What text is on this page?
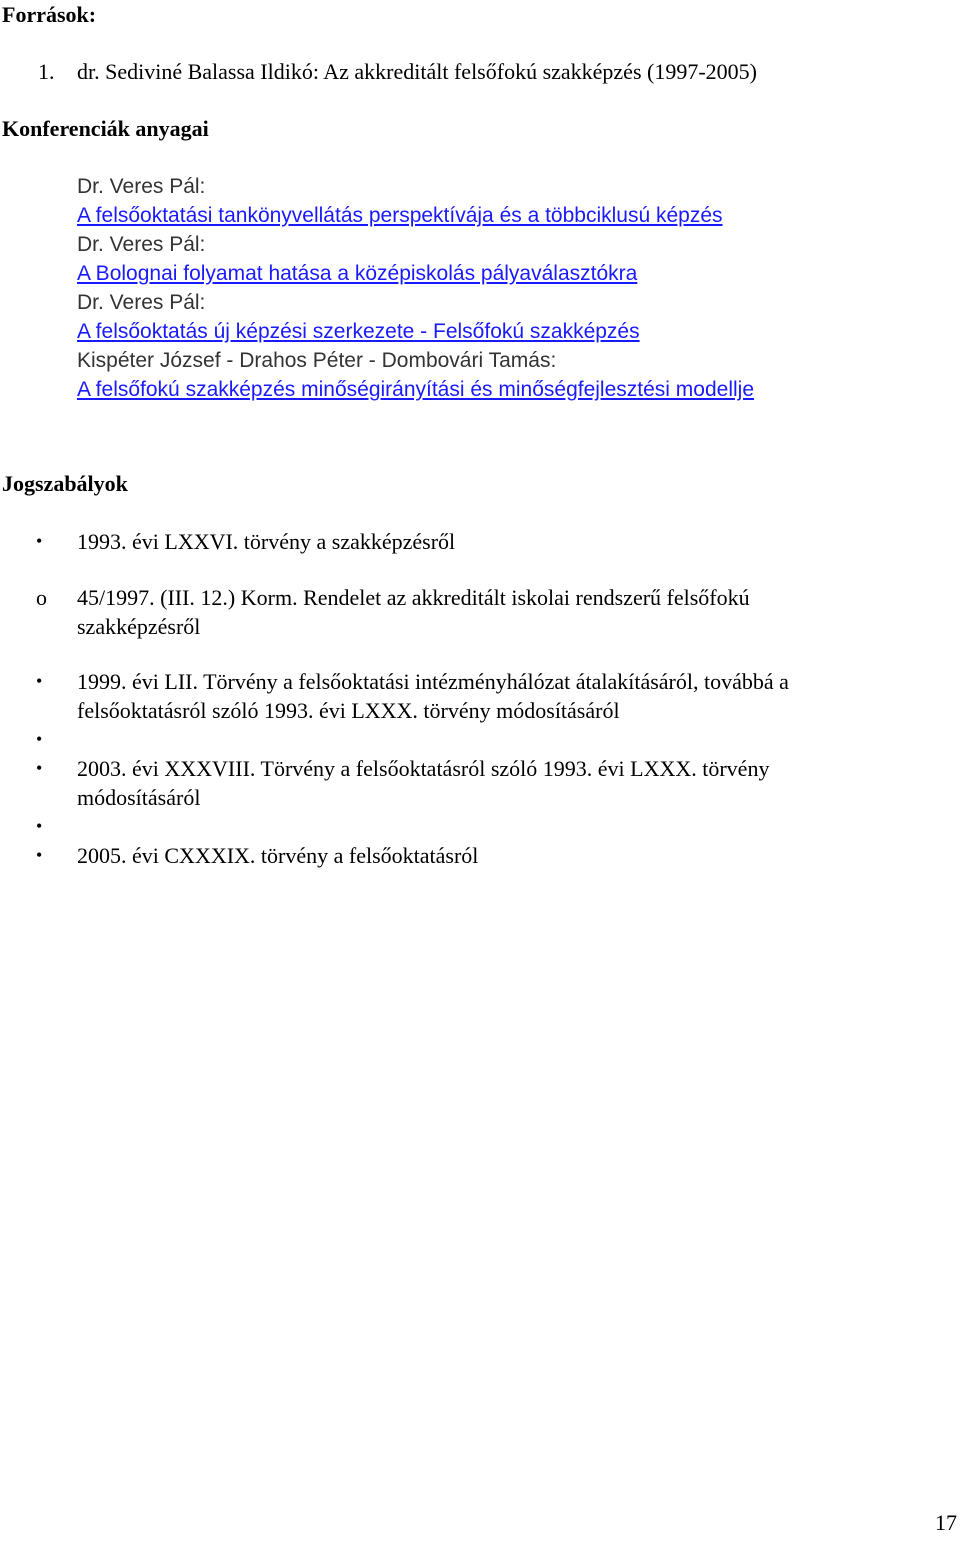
Források:
1. dr. Sediviné Balassa Ildikó: Az akkreditált felsőfokú szakképzés (1997-2005)
Konferenciák anyagai
Dr. Veres Pál:
A felsőoktatási tankönyvellátás perspektívája és a többciklusú képzés
Dr. Veres Pál:
A Bolognai folyamat hatása a középiskolás pályaválasztókra
Dr. Veres Pál:
A felsőoktatás új képzési szerkezete - Felsőfokú szakképzés
Kispéter József - Drahos Péter - Dombovári Tamás:
A felsőfokú szakképzés minőségirányítási és minőségfejlesztési modellje
Jogszabályok
• 1993. évi LXXVI. törvény a szakképzésről
o 45/1997. (III. 12.) Korm. Rendelet az akkreditált iskolai rendszerű felsőfokú
szakképzésről
• 1999. évi LII. Törvény a felsőoktatási intézményhálózat átalakításáról, továbbá a
felsőoktatásról szóló 1993. évi LXXX. törvény módosításáról
•
• 2003. évi XXXVIII. Törvény a felsőoktatásról szóló 1993. évi LXXX. törvény
módosításáról
•
• 2005. évi CXXXIX. törvény a felsőoktatásról
17
